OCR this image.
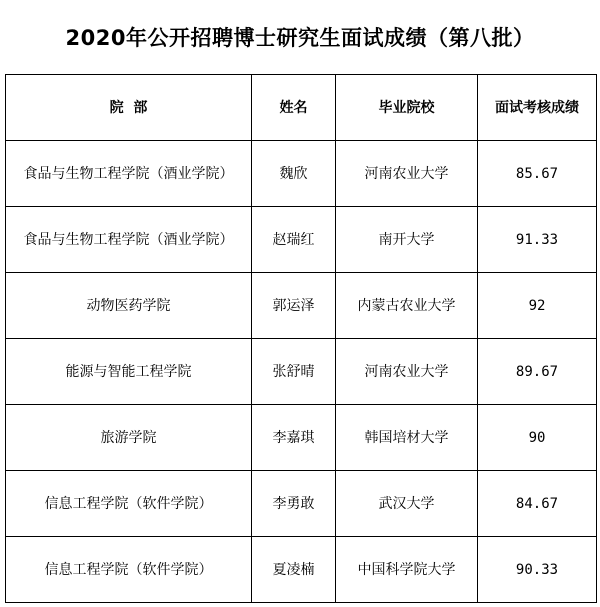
2020年公开招聘博士研究生面试成绩（第八批）
院  部	姓名	毕业院校	面试考核成绩
食品与生物工程学院（酒业学院）	魏欣	河南农业大学	85.67
食品与生物工程学院（酒业学院）	赵瑞红	南开大学	91.33
动物医药学院	郭运泽	内蒙古农业大学	92
能源与智能工程学院	张舒晴	河南农业大学	89.67
旅游学院	李嘉琪	韩国培材大学	90
信息工程学院（软件学院）	李勇敢	武汉大学	84.67
信息工程学院（软件学院）	夏凌楠	中国科学院大学	90.33
